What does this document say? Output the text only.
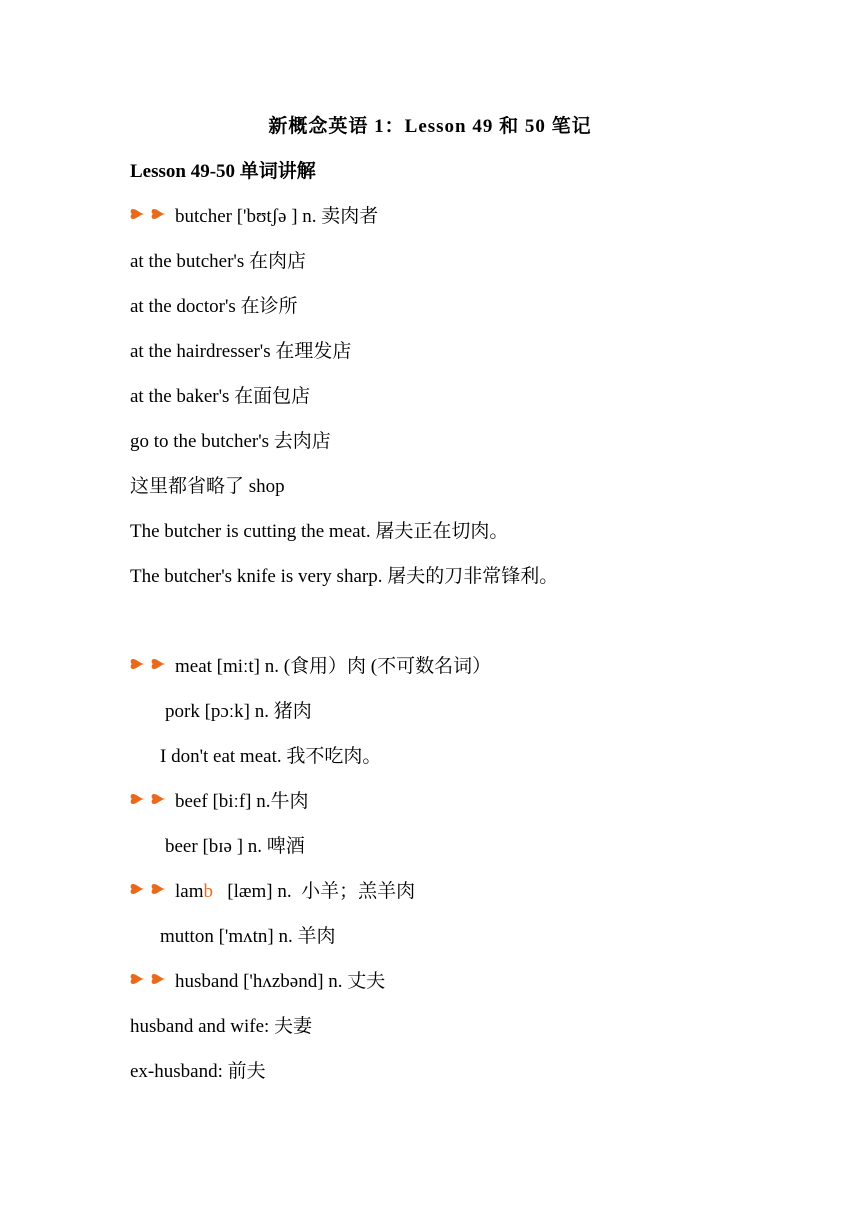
新概念英语 1：Lesson 49 和 50 笔记
Lesson 49-50 单词讲解
butcher ['bʊtʃə ] n. 卖肉者
at the butcher's 在肉店
at the doctor's 在诊所
at the hairdresser's 在理发店
at the baker's 在面包店
go to the butcher's 去肉店
这里都省略了 shop
The butcher is cutting the meat. 屠夫正在切肉。
The butcher's knife is very sharp. 屠夫的刀非常锋利。
meat [miːt] n. (食用）肉 (不可数名词）
pork [pɔːk] n. 猪肉
I don't eat meat. 我不吃肉。
beef [biːf] n.牛肉
beer [bɪə ] n. 啤酒
lamb   [læm] n.  小羊；羔羊肉
mutton ['mʌtn] n. 羊肉
husband ['hʌzbənd] n. 丈夫
husband and wife: 夫妻
ex-husband: 前夫
